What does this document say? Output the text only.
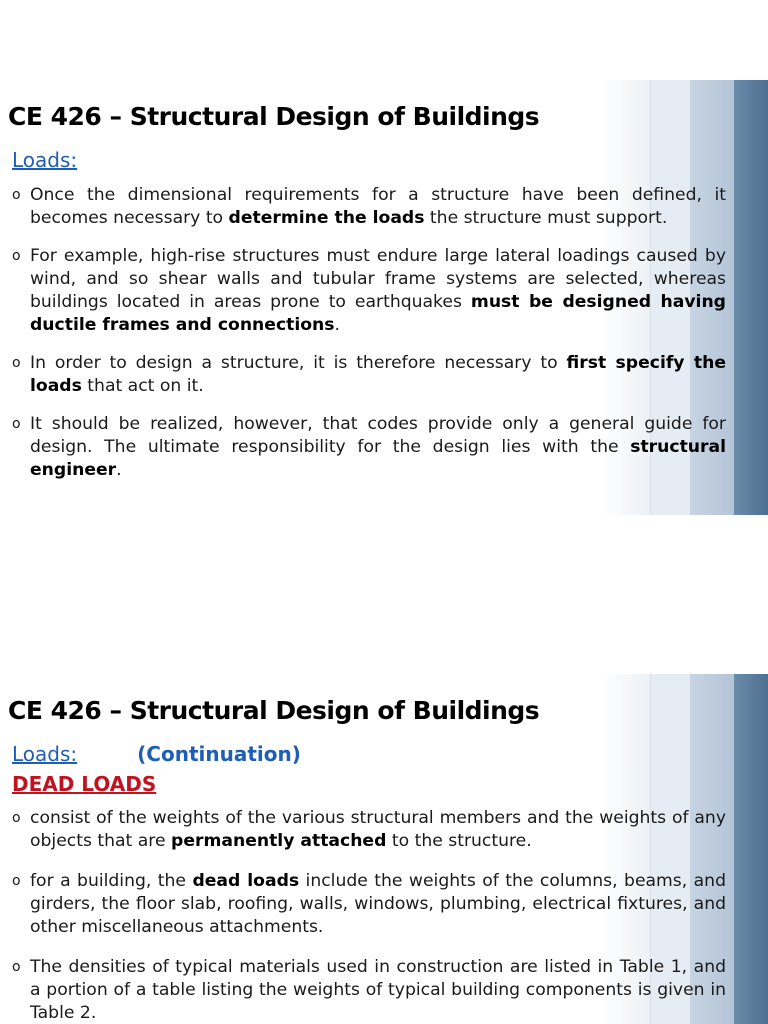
CE 426 – Structural Design of Buildings
Loads:
o Once the dimensional requirements for a structure have been defined, it becomes necessary to determine the loads the structure must support.
o For example, high-rise structures must endure large lateral loadings caused by wind, and so shear walls and tubular frame systems are selected, whereas buildings located in areas prone to earthquakes must be designed having ductile frames and connections.
o In order to design a structure, it is therefore necessary to first specify the loads that act on it.
o It should be realized, however, that codes provide only a general guide for design. The ultimate responsibility for the design lies with the structural engineer.
CE 426 – Structural Design of Buildings
Loads:	(Continuation)
DEAD LOADS
o consist of the weights of the various structural members and the weights of any objects that are permanently attached to the structure.
o for a building, the dead loads include the weights of the columns, beams, and girders, the floor slab, roofing, walls, windows, plumbing, electrical fixtures, and other miscellaneous attachments.
o The densities of typical materials used in construction are listed in Table 1, and a portion of a table listing the weights of typical building components is given in Table 2.
